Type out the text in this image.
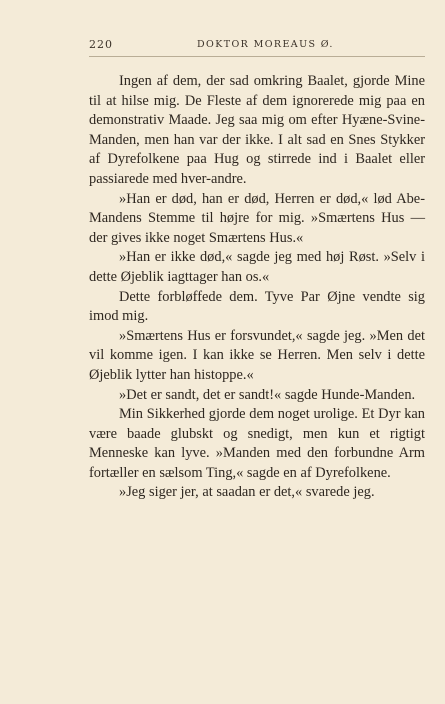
220	DOKTOR MOREAUS Ø.

Ingen af dem, der sad omkring Baalet, gjorde Mine til at hilse mig. De Fleste af dem ignorerede mig paa en demonstrativ Maade. Jeg saa mig om efter Hyæne-Svine-Manden, men han var der ikke. I alt sad en Snes Stykker af Dyrefolkene paa Hug og stirrede ind i Baalet eller passiarede med hver-andre.

»Han er død, han er død, Herren er død,« lød Abe-Mandens Stemme til højre for mig. »Smærtens Hus — der gives ikke noget Smærtens Hus.«

»Han er ikke død,« sagde jeg med høj Røst. »Selv i dette Øjeblik iagttager han os.«

Dette forbløffede dem. Tyve Par Øjne vendte sig imod mig.

»Smærtens Hus er forsvundet,« sagde jeg. »Men det vil komme igen. I kan ikke se Herren. Men selv i dette Øjeblik lytter han histoppe.«

»Det er sandt, det er sandt!« sagde Hunde-Manden.

Min Sikkerhed gjorde dem noget urolige. Et Dyr kan være baade glubskt og snedigt, men kun et rigtigt Menneske kan lyve. »Manden med den forbundne Arm fortæller en sælsom Ting,« sagde en af Dyrefolkene.

»Jeg siger jer, at saadan er det,« svarede jeg.
